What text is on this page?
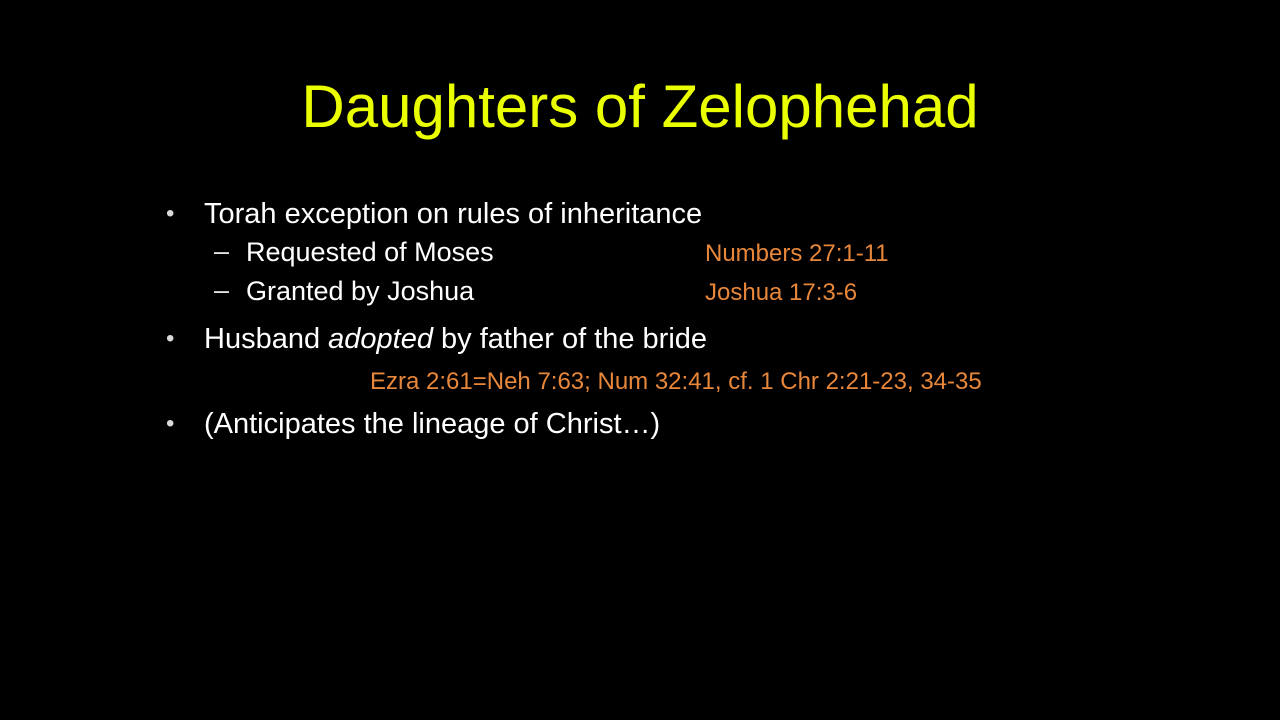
Daughters of Zelophehad
• Torah exception on rules of inheritance
– Requested of Moses	Numbers 27:1-11
– Granted by Joshua	Joshua 17:3-6
• Husband adopted by father of the bride
Ezra 2:61=Neh 7:63; Num 32:41, cf. 1 Chr 2:21-23, 34-35
• (Anticipates the lineage of Christ…)
